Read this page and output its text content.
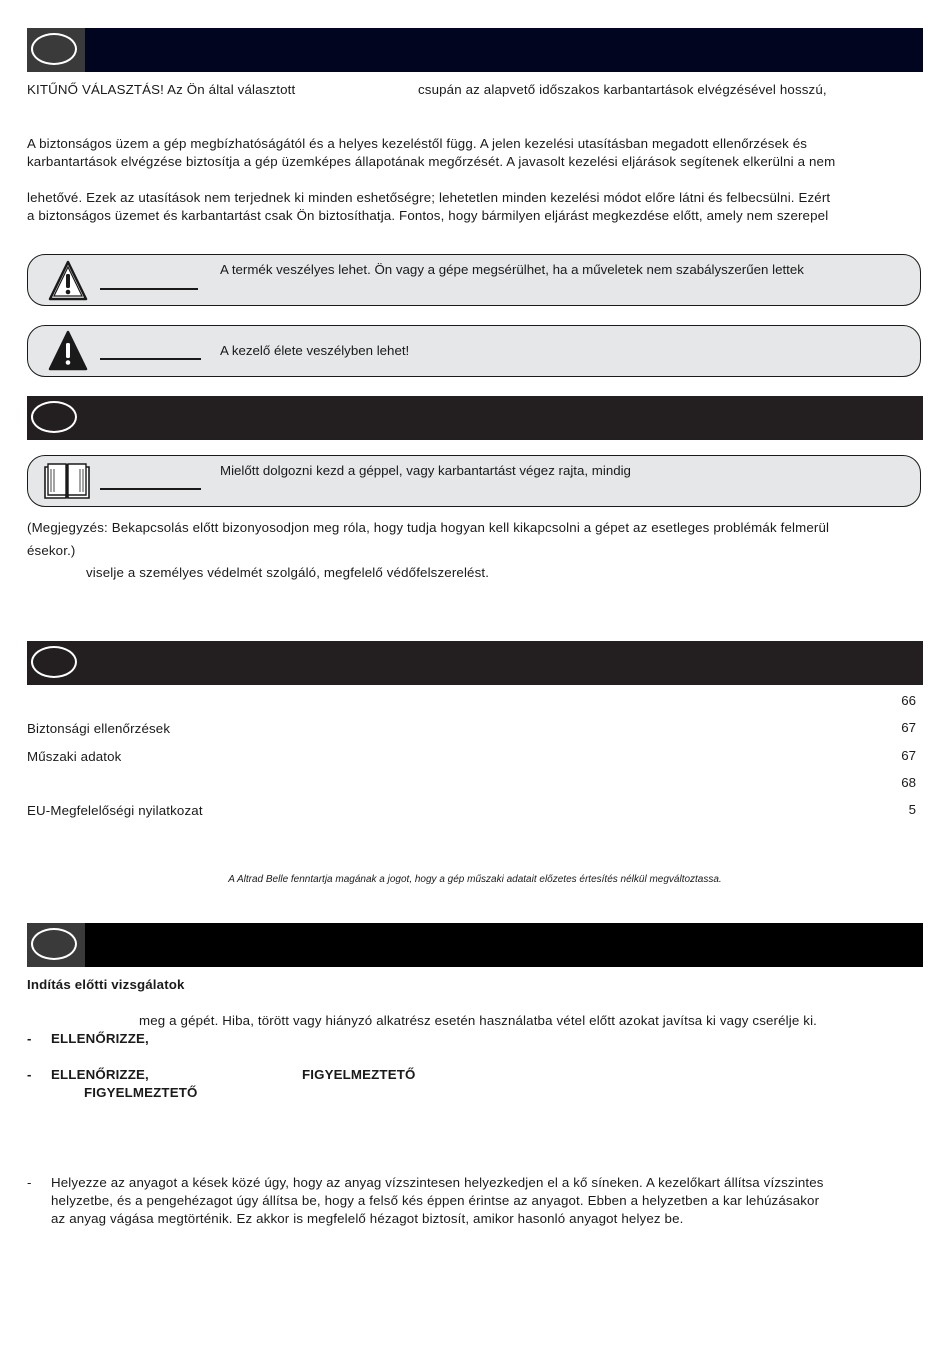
KITŰNŐ VÁLASZTÁS! Az Ön által választott	csupán az alapvető időszakos karbantartások elvégzésével hosszú,
A biztonságos üzem a gép megbízhatóságától és a helyes kezeléstől függ. A jelen kezelési utasításban megadott ellenőrzések és
karbantartások elvégzése biztosítja a gép üzemképes állapotának megőrzését. A javasolt kezelési eljárások segítenek elkerülni a nem
lehetővé. Ezek az utasítások nem terjednek ki minden eshetőségre; lehetetlen minden kezelési módot előre látni és felbecsülni. Ezért
a biztonságos üzemet és karbantartást csak Ön biztosíthatja. Fontos, hogy bármilyen eljárást megkezdése előtt, amely nem szerepel
A termék veszélyes lehet. Ön vagy a gépe megsérülhet, ha a műveletek nem szabályszerűen lettek
A kezelő élete veszélyben lehet!
Mielőtt dolgozni kezd a géppel, vagy karbantartást végez rajta, mindig
(Megjegyzés: Bekapcsolás előtt bizonyosodjon meg róla, hogy tudja hogyan kell kikapcsolni a gépet az esetleges problémák felmerül
ésekor.)
viselje a személyes védelmét szolgáló, megfelelő védőfelszerelést.
66
Biztonsági ellenőrzések	67
Műszaki adatok	67
68
EU-Megfelelőségi nyilatkozat	5
A Altrad Belle fenntartja magának a jogot, hogy a gép műszaki adatait előzetes értesítés nélkül megváltoztassa.
Indítás előtti vizsgálatok
meg a gépét. Hiba, törött vagy hiányzó alkatrész esetén használatba vétel előtt azokat javítsa ki vagy cserélje ki.
- ELLENŐRIZZE,
- ELLENŐRIZZE,	FIGYELMEZTETŐ
FIGYELMEZTETŐ
- Helyezze az anyagot a kések közé úgy, hogy az anyag vízszintesen helyezkedjen el a kő síneken. A kezelőkart állítsa vízszintes
helyzetbe, és a pengehézagot úgy állítsa be, hogy a felső kés éppen érintse az anyagot. Ebben a helyzetben a kar lehúzásakor
az anyag vágása megtörténik. Ez akkor is megfelelő hézagot biztosít, amikor hasonló anyagot helyez be.
